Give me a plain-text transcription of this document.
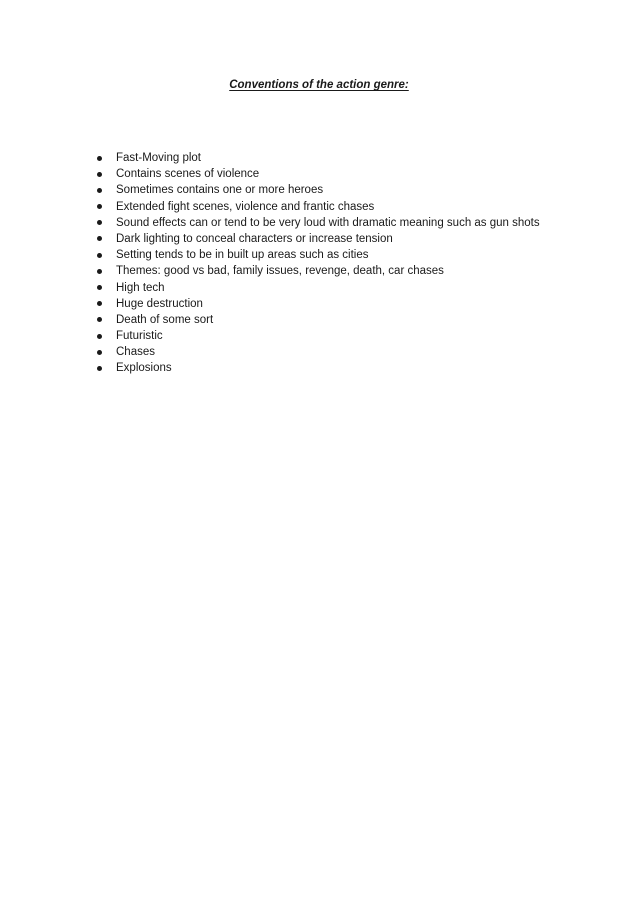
Conventions of the action genre:
Fast-Moving plot
Contains scenes of violence
Sometimes contains one or more heroes
Extended fight scenes, violence and frantic chases
Sound effects can or tend to be very loud with dramatic meaning such as gun shots
Dark lighting to conceal characters or increase tension
Setting tends to be in built up areas such as cities
Themes: good vs bad, family issues, revenge, death, car chases
High tech
Huge destruction
Death of some sort
Futuristic
Chases
Explosions
